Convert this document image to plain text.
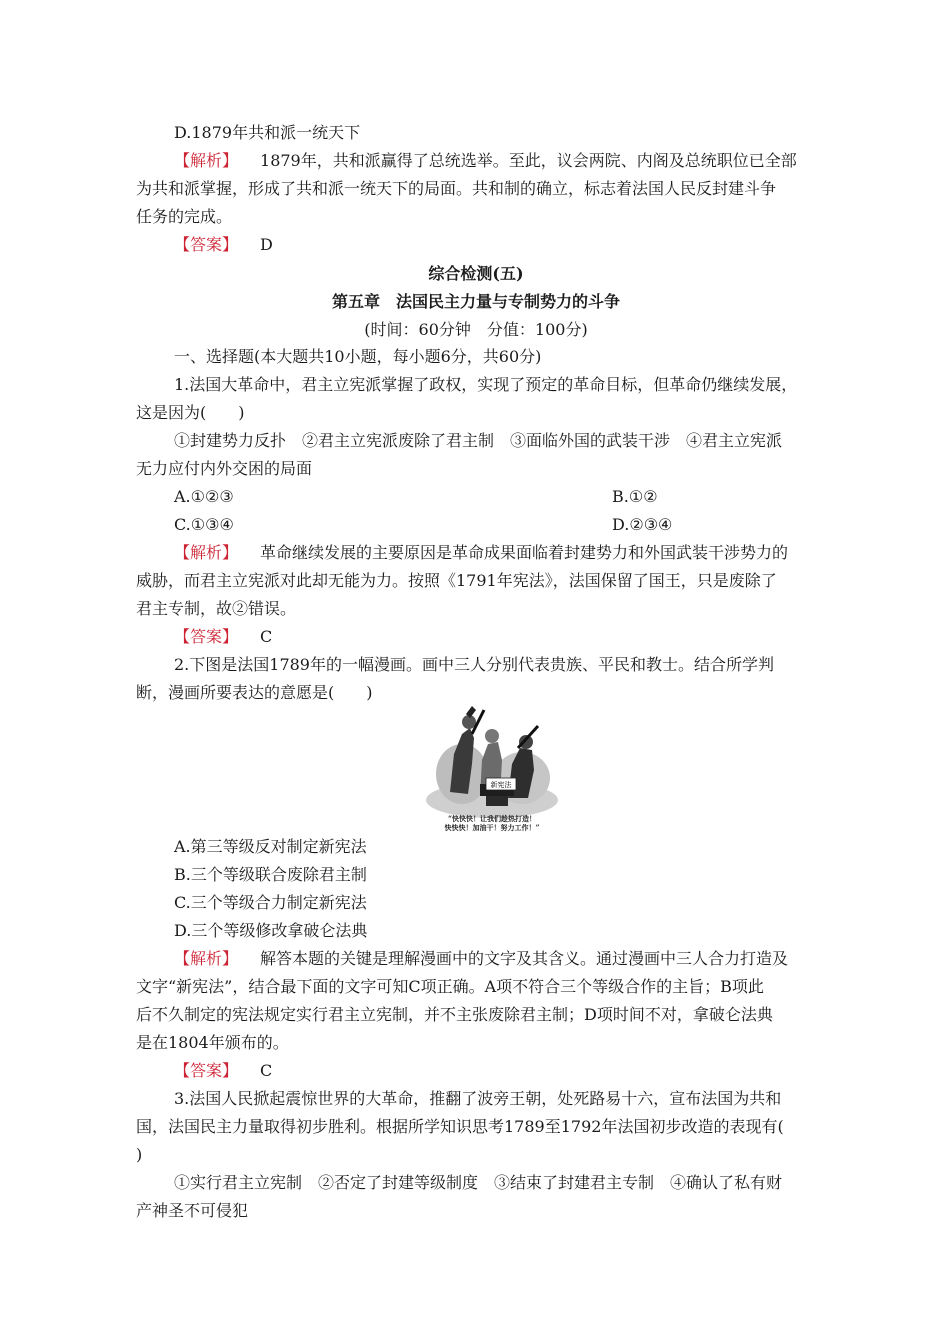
D.1879年共和派一统天下
【解析】 1879年，共和派赢得了总统选举。至此，议会两院、内阁及总统职位已全部
为共和派掌握，形成了共和派一统天下的局面。共和制的确立，标志着法国人民反封建斗争
任务的完成。
【答案】 D
综合检测(五)
第五章　法国民主力量与专制势力的斗争
(时间：60分钟　分值：100分)
一、选择题(本大题共10小题，每小题6分，共60分)
1.法国大革命中，君主立宪派掌握了政权，实现了预定的革命目标，但革命仍继续发展，
这是因为(　　)
①封建势力反扑　②君主立宪派废除了君主制　③面临外国的武装干涉　④君主立宪派
无力应付内外交困的局面
A.①②③	B.①②
C.①③④	D.②③④
【解析】 革命继续发展的主要原因是革命成果面临着封建势力和外国武装干涉势力的
威胁，而君主立宪派对此却无能为力。按照《1791年宪法》，法国保留了国王，只是废除了
君主专制，故②错误。
【答案】 C
2.下图是法国1789年的一幅漫画。画中三人分别代表贵族、平民和教士。结合所学判
断，漫画所要表达的意愿是(　　)
新宪法
“快快快！让我们趁热打造！
快快快！加油干！努力工作！”
A.第三等级反对制定新宪法
B.三个等级联合废除君主制
C.三个等级合力制定新宪法
D.三个等级修改拿破仑法典
【解析】 解答本题的关键是理解漫画中的文字及其含义。通过漫画中三人合力打造及
文字“新宪法”，结合最下面的文字可知C项正确。A项不符合三个等级合作的主旨；B项此
后不久制定的宪法规定实行君主立宪制，并不主张废除君主制；D项时间不对，拿破仑法典
是在1804年颁布的。
【答案】 C
3.法国人民掀起震惊世界的大革命，推翻了波旁王朝，处死路易十六，宣布法国为共和
国，法国民主力量取得初步胜利。根据所学知识思考1789至1792年法国初步改造的表现有(
)
①实行君主立宪制　②否定了封建等级制度　③结束了封建君主专制　④确认了私有财
产神圣不可侵犯
